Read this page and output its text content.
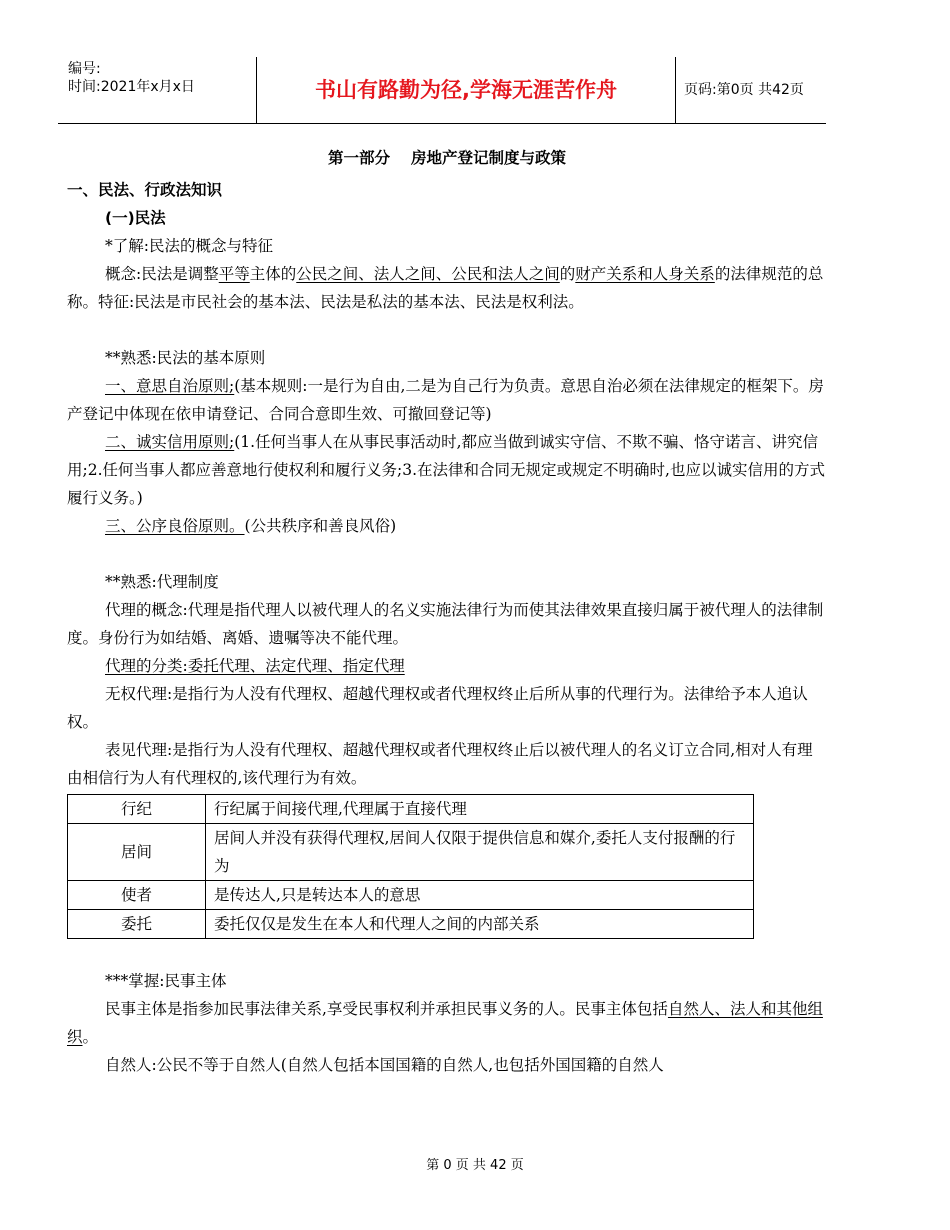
编号:
时间:2021年x月x日	书山有路勤为径,学海无涯苦作舟	页码:第0页 共42页

第一部分　 房地产登记制度与政策

一、民法、行政法知识

(一)民法

*了解:民法的概念与特征

概念:民法是调整平等主体的公民之间、法人之间、公民和法人之间的财产关系和人身关系的法律规范的总称。特征:民法是市民社会的基本法、民法是私法的基本法、民法是权利法。

**熟悉:民法的基本原则

一、意思自治原则;(基本规则:一是行为自由,二是为自己行为负责。意思自治必须在法律规定的框架下。房产登记中体现在依申请登记、合同合意即生效、可撤回登记等)

二、诚实信用原则;(1.任何当事人在从事民事活动时,都应当做到诚实守信、不欺不骗、恪守诺言、讲究信用;2.任何当事人都应善意地行使权利和履行义务;3.在法律和合同无规定或规定不明确时,也应以诚实信用的方式履行义务。)

三、公序良俗原则。(公共秩序和善良风俗)

**熟悉:代理制度

代理的概念:代理是指代理人以被代理人的名义实施法律行为而使其法律效果直接归属于被代理人的法律制度。身份行为如结婚、离婚、遗嘱等决不能代理。

代理的分类:委托代理、法定代理、指定代理

无权代理:是指行为人没有代理权、超越代理权或者代理权终止后所从事的代理行为。法律给予本人追认权。

表见代理:是指行为人没有代理权、超越代理权或者代理权终止后以被代理人的名义订立合同,相对人有理由相信行为人有代理权的,该代理行为有效。

行纪	行纪属于间接代理,代理属于直接代理
居间	居间人并没有获得代理权,居间人仅限于提供信息和媒介,委托人支付报酬的行为
使者	是传达人,只是转达本人的意思
委托	委托仅仅是发生在本人和代理人之间的内部关系

***掌握:民事主体

民事主体是指参加民事法律关系,享受民事权利并承担民事义务的人。民事主体包括自然人、法人和其他组织。

自然人:公民不等于自然人(自然人包括本国国籍的自然人,也包括外国国籍的自然人

第 0 页 共 42 页
